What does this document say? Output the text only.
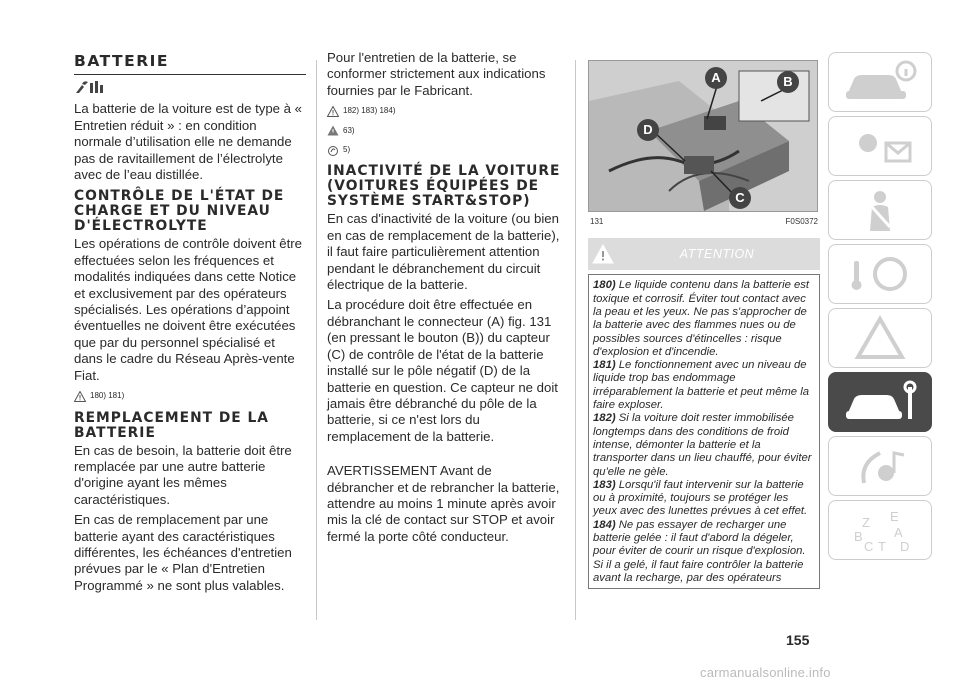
BATTERIE

La batterie de la voiture est de type à « Entretien réduit » : en condition normale d’utilisation elle ne demande pas de ravitaillement de l’électrolyte avec de l’eau distillée.

CONTRÔLE DE L'ÉTAT DE CHARGE ET DU NIVEAU D'ÉLECTROLYTE

Les opérations de contrôle doivent être effectuées selon les fréquences et modalités indiquées dans cette Notice et exclusivement par des opérateurs spécialisés. Les opérations d’appoint éventuelles ne doivent être exécutées que par du personnel spécialisé et dans le cadre du Réseau Après-vente Fiat.

180) 181)
REMPLACEMENT DE LA BATTERIE

En cas de besoin, la batterie doit être remplacée par une autre batterie d'origine ayant les mêmes caractéristiques.

En cas de remplacement par une batterie ayant des caractéristiques différentes, les échéances d'entretien prévues par le « Plan d'Entretien Programmé » ne sont plus valables.

Pour l'entretien de la batterie, se conformer strictement aux indications fournies par le Fabricant.

182) 183) 184)
63)
5)
INACTIVITÉ DE LA VOITURE (VOITURES ÉQUIPÉES DE SYSTÈME START&STOP)

En cas d'inactivité de la voiture (ou bien en cas de remplacement de la batterie), il faut faire particulièrement attention pendant le débranchement du circuit électrique de la batterie.

La procédure doit être effectuée en débranchant le connecteur (A) fig. 131 (en pressant le bouton (B)) du capteur (C) de contrôle de l'état de la batterie installé sur le pôle négatif (D) de la batterie en question. Ce capteur ne doit jamais être débranché du pôle de la batterie, si ce n'est lors du remplacement de la batterie.

AVERTISSEMENT Avant de débrancher et de rebrancher la batterie, attendre au moins 1 minute après avoir mis la clé de contact sur STOP et avoir fermé la porte côté conducteur.

A	B
C
D
131	F0S0372
ATTENTION

180) Le liquide contenu dans la batterie est toxique et corrosif. Éviter tout contact avec la peau et les yeux. Ne pas s'approcher de la batterie avec des flammes nues ou de possibles sources d'étincelles : risque d'explosion et d'incendie.

181) Le fonctionnement avec un niveau de liquide trop bas endommage irréparablement la batterie et peut même la faire exploser.

182) Si la voiture doit rester immobilisée longtemps dans des conditions de froid intense, démonter la batterie et la transporter dans un lieu chauffé, pour éviter qu'elle ne gèle.

183) Lorsqu'il faut intervenir sur la batterie ou à proximité, toujours se protéger les yeux avec des lunettes prévues à cet effet.

184) Ne pas essayer de recharger une batterie gelée : il faut d'abord la dégeler, pour éviter de courir un risque d'explosion. Si il a gelé, il faut faire contrôler la batterie avant la recharge, par des opérateurs

155
Z E
B A
C T D
carmanualsonline.info
